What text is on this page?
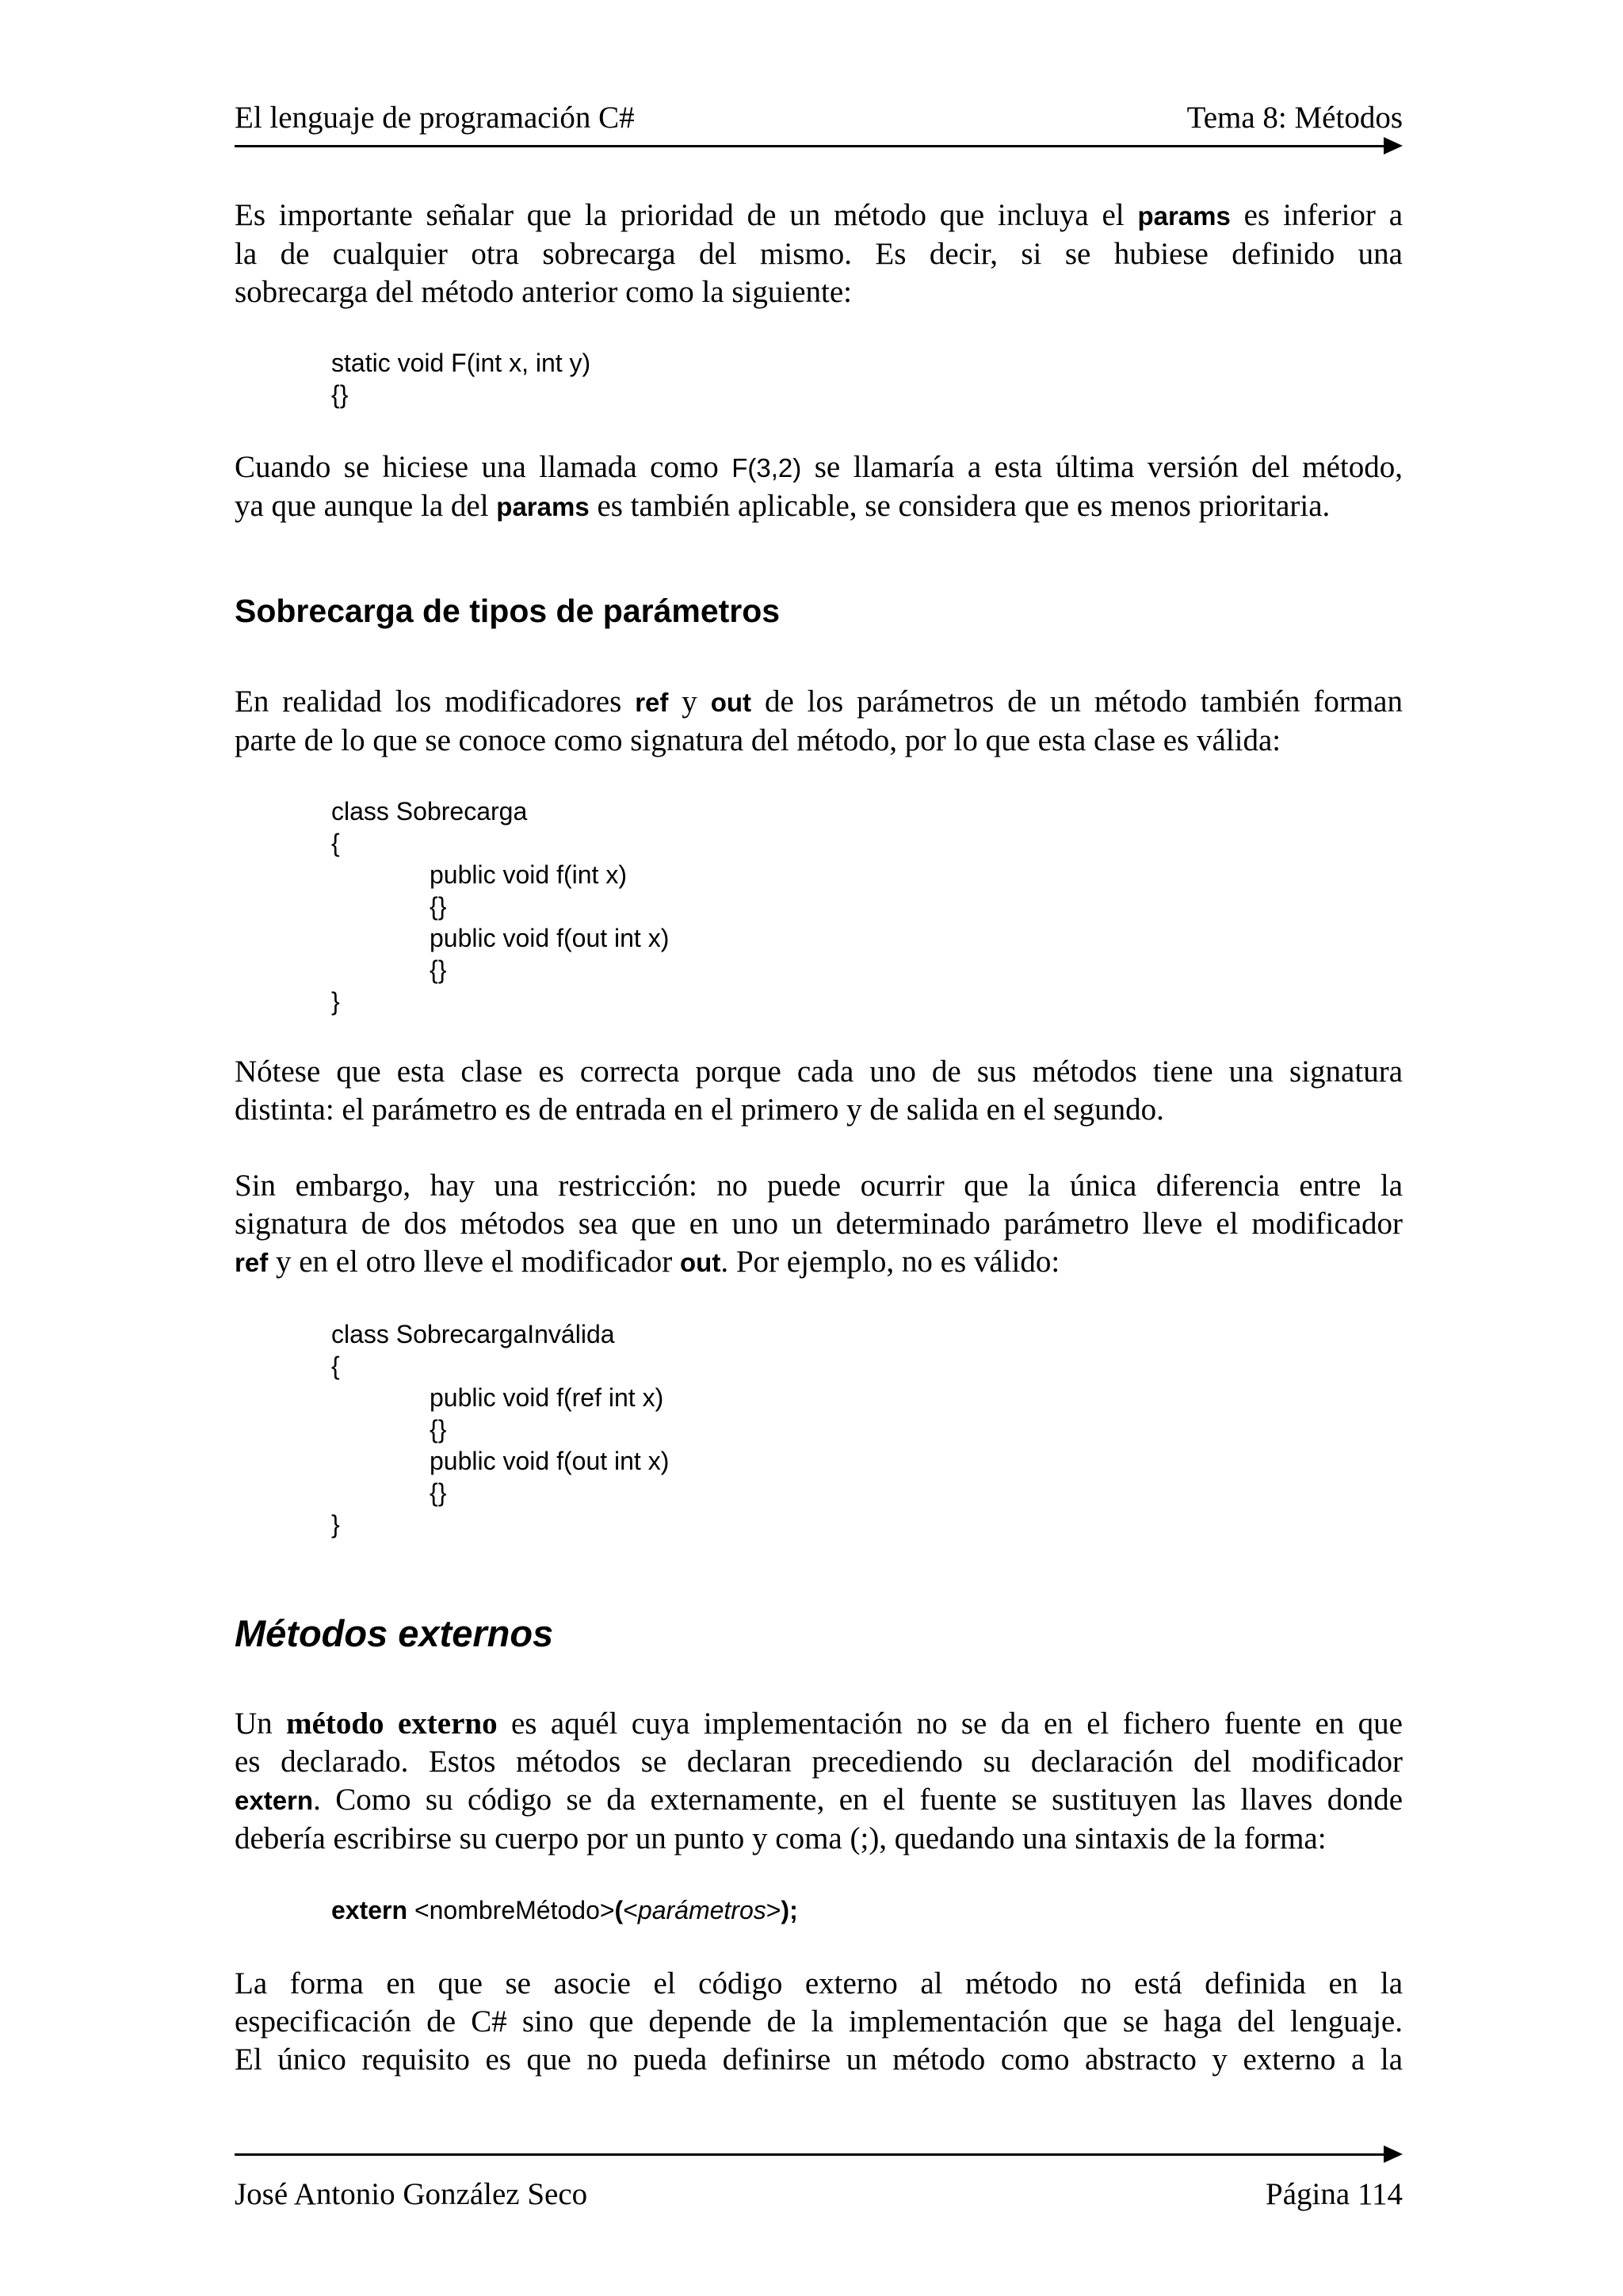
El lenguaje de programación C#	Tema 8: Métodos
Es importante señalar que la prioridad de un método que incluya el params es inferior a
la de cualquier otra sobrecarga del mismo. Es decir, si se hubiese definido una
sobrecarga del método anterior como la siguiente:
static void F(int x, int y)
{}
Cuando se hiciese una llamada como F(3,2) se llamaría a esta última versión del método,
ya que aunque la del params es también aplicable, se considera que es menos prioritaria.
Sobrecarga de tipos de parámetros
En realidad los modificadores ref y out de los parámetros de un método también forman
parte de lo que se conoce como signatura del método, por lo que esta clase es válida:
class Sobrecarga
{
public void f(int x)
{}
public void f(out int x)
{}
}
Nótese que esta clase es correcta porque cada uno de sus métodos tiene una signatura
distinta: el parámetro es de entrada en el primero y de salida en el segundo.
Sin embargo, hay una restricción: no puede ocurrir que la única diferencia entre la
signatura de dos métodos sea que en uno un determinado parámetro lleve el modificador
ref y en el otro lleve el modificador out. Por ejemplo, no es válido:
class SobrecargaInválida
{
public void f(ref int x)
{}
public void f(out int x)
{}
}
Métodos externos
Un método externo es aquél cuya implementación no se da en el fichero fuente en que
es declarado. Estos métodos se declaran precediendo su declaración del modificador
extern. Como su código se da externamente, en el fuente se sustituyen las llaves donde
debería escribirse su cuerpo por un punto y coma (;), quedando una sintaxis de la forma:
extern <nombreMétodo>(<parámetros>);
La forma en que se asocie el código externo al método no está definida en la
especificación de C# sino que depende de la implementación que se haga del lenguaje.
El único requisito es que no pueda definirse un método como abstracto y externo a la
José Antonio González Seco	Página 114
